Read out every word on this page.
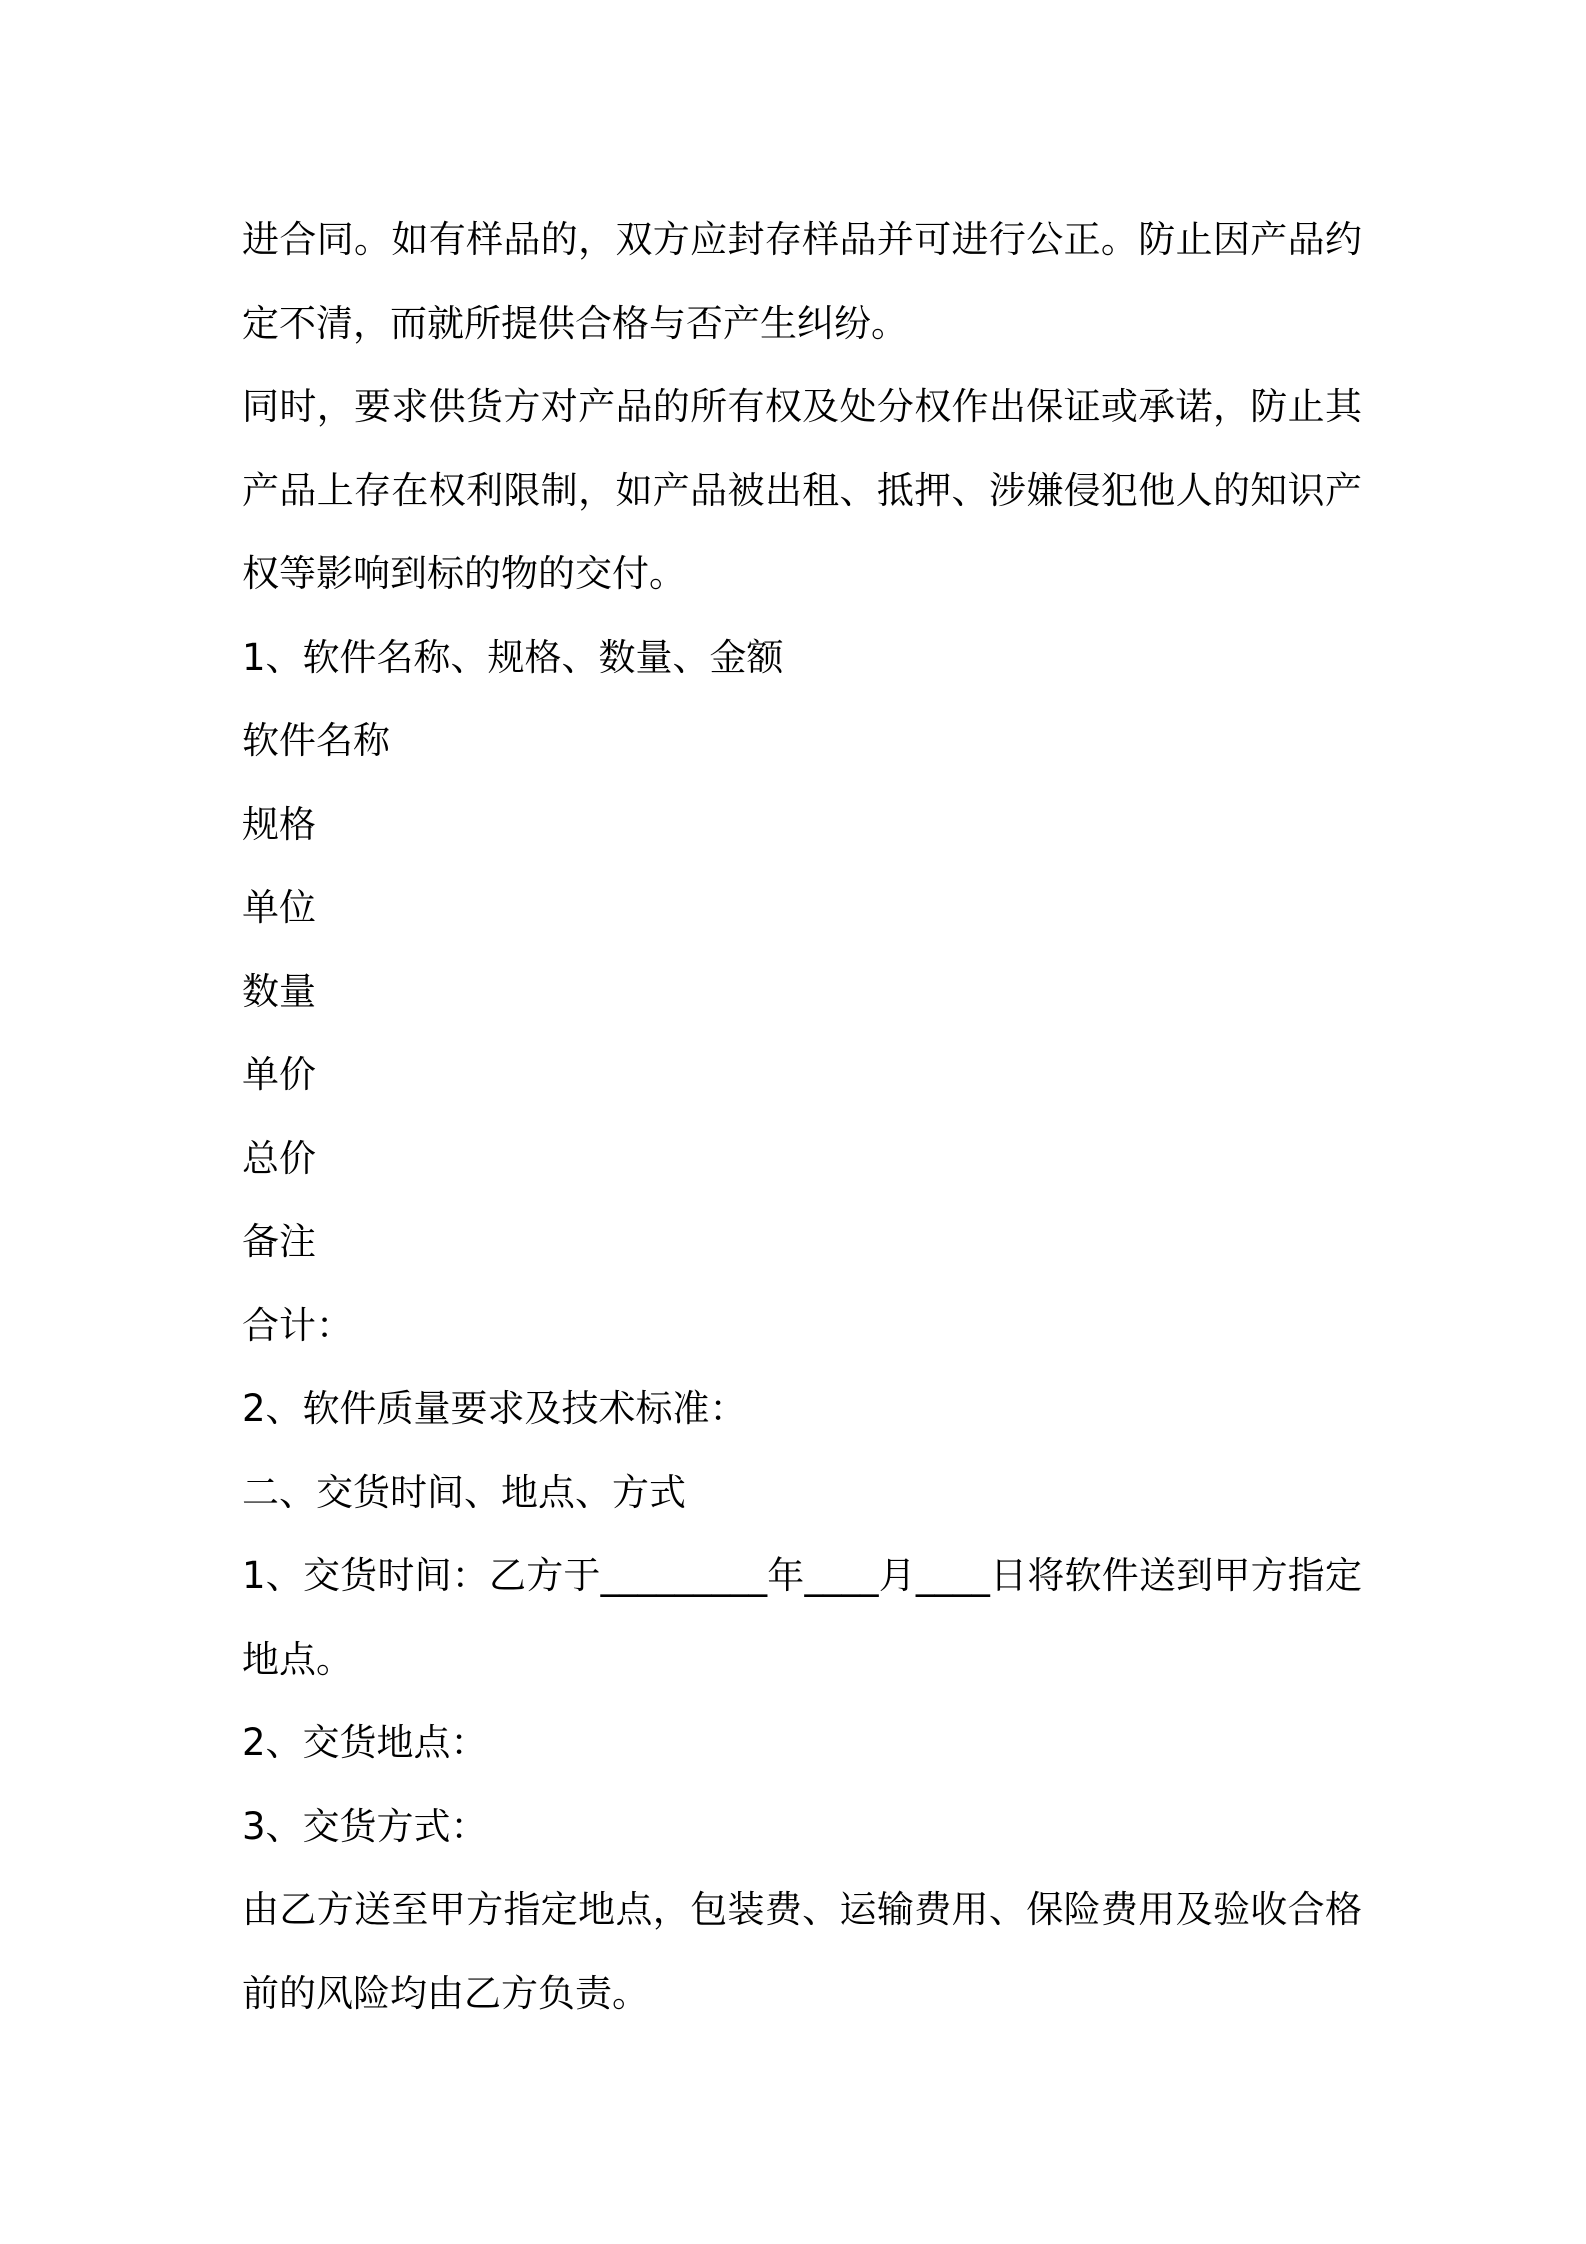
进合同。如有样品的，双方应封存样品并可进行公正。防止因产品约定不清，而就所提供合格与否产生纠纷。

同时，要求供货方对产品的所有权及处分权作出保证或承诺，防止其产品上存在权利限制，如产品被出租、抵押、涉嫌侵犯他人的知识产权等影响到标的物的交付。

1、软件名称、规格、数量、金额

软件名称

规格

单位

数量

单价

总价

备注

合计：

2、软件质量要求及技术标准：

二、交货时间、地点、方式

1、交货时间：乙方于_________年____月____日将软件送到甲方指定地点。

2、交货地点：

3、交货方式：

由乙方送至甲方指定地点，包装费、运输费用、保险费用及验收合格前的风险均由乙方负责。
